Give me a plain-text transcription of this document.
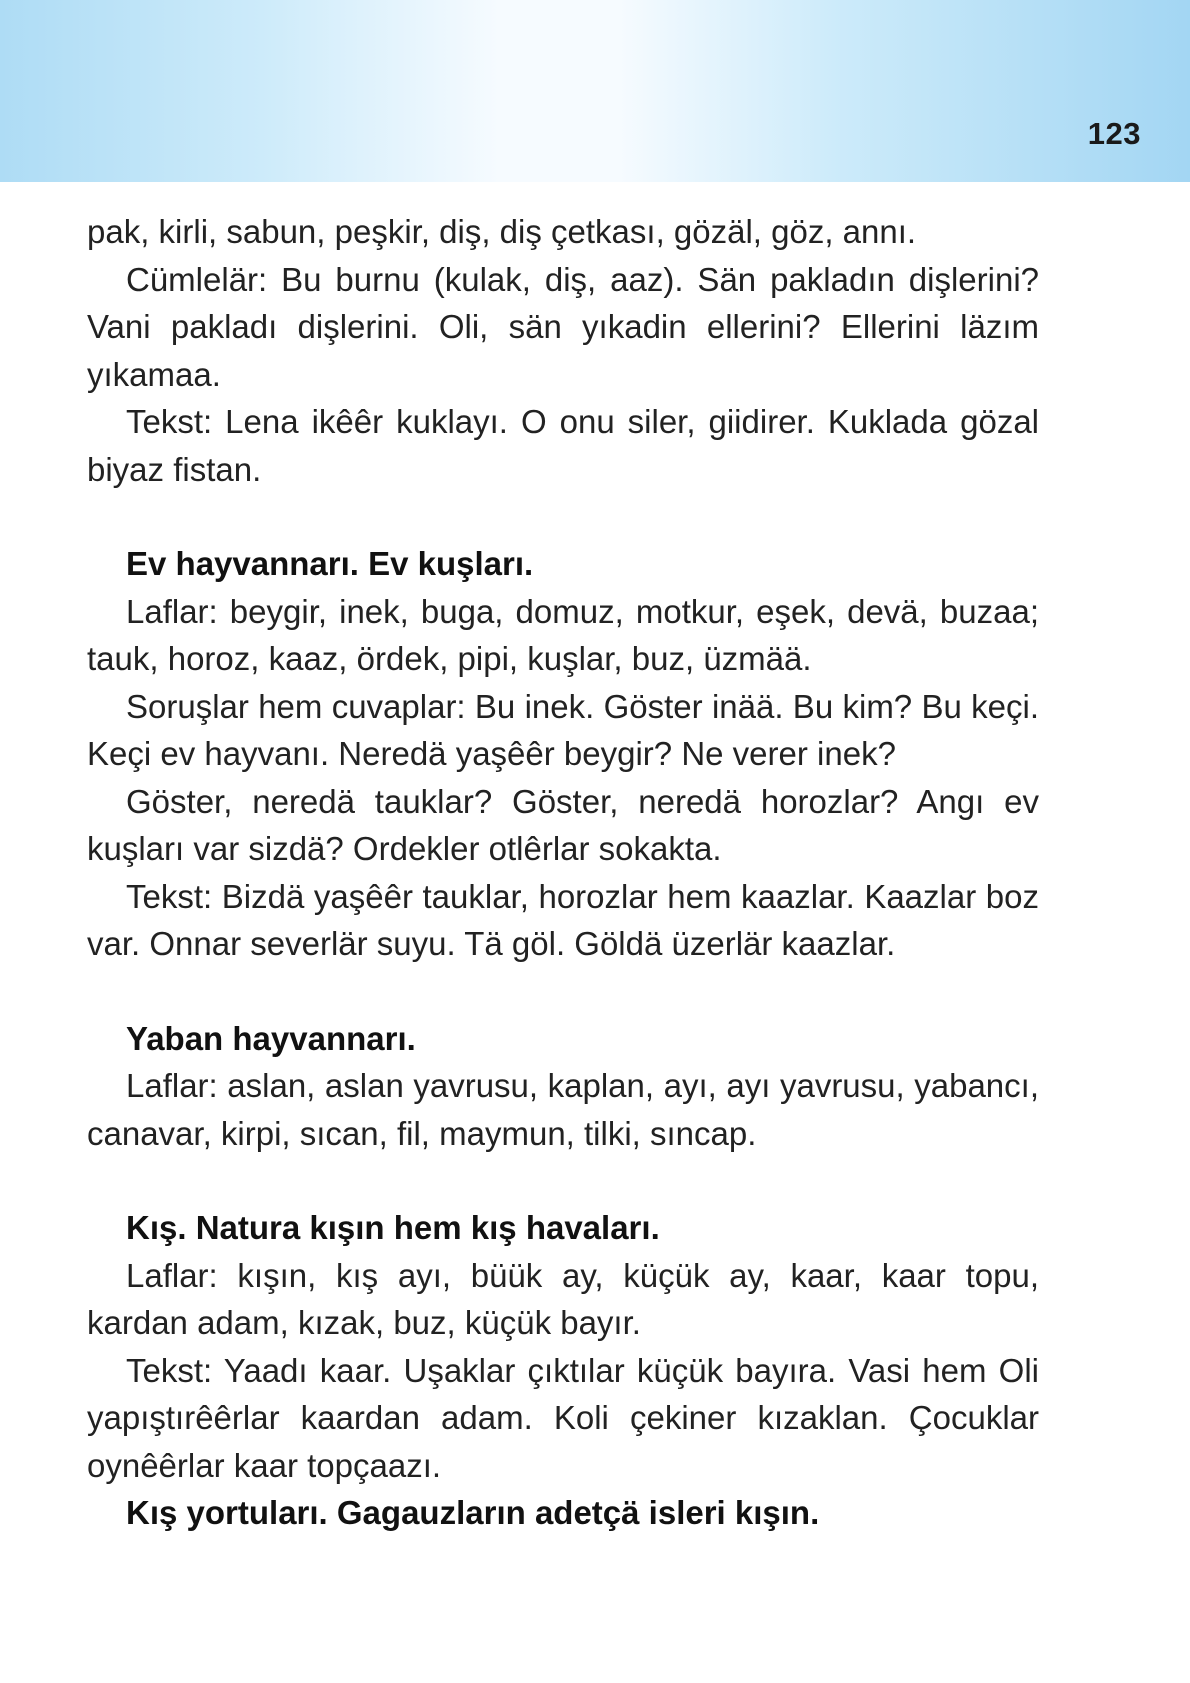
123

pak, kirli, sabun, peşkir, diş, diş çetkası, gözäl, göz, annı.

Cümlelär: Bu burnu (kulak, diş, aaz). Sän pakladın dişlerini? Vani pakladı dişlerini. Oli, sän yıkadin ellerini? Ellerini läzım yıkamaa.

Tekst: Lena ikêêr kuklayı. O onu siler, giidirer. Kuklada gözal biyaz fistan.

Ev hayvannarı. Ev kuşları.

Laflar: beygir, inek, buga, domuz, motkur, eşek, devä, buzaa; tauk, horoz, kaaz, ördek, pipi, kuşlar, buz, üzmää.

Soruşlar hem cuvaplar: Bu inek. Göster inää. Bu kim? Bu keçi. Keçi ev hayvanı. Neredä yaşêêr beygir? Ne verer inek?

Göster, neredä tauklar? Göster, neredä horozlar? Angı ev kuşları var sizdä? Ordekler otlêrlar sokakta.

Tekst: Bizdä yaşêêr tauklar, horozlar hem kaazlar. Kaazlar boz var. Onnar severlär suyu. Tä göl. Göldä üzerlär kaazlar.

Yaban hayvannarı.

Laflar: aslan, aslan yavrusu, kaplan, ayı, ayı yavrusu, yabancı, canavar, kirpi, sıcan, fil, maymun, tilki, sıncap.

Kış. Natura kışın hem kış havaları.

Laflar: kışın, kış ayı, büük ay, küçük ay, kaar, kaar topu, kardan adam, kızak, buz, küçük bayır.

Tekst: Yaadı kaar. Uşaklar çıktılar küçük bayıra. Vasi hem Oli yapıştırêêrlar kaardan adam. Koli çekiner kızaklan. Çocuklar oynêêrlar kaar topçaazı.

Kış yortuları. Gagauzların adetçä isleri kışın.
